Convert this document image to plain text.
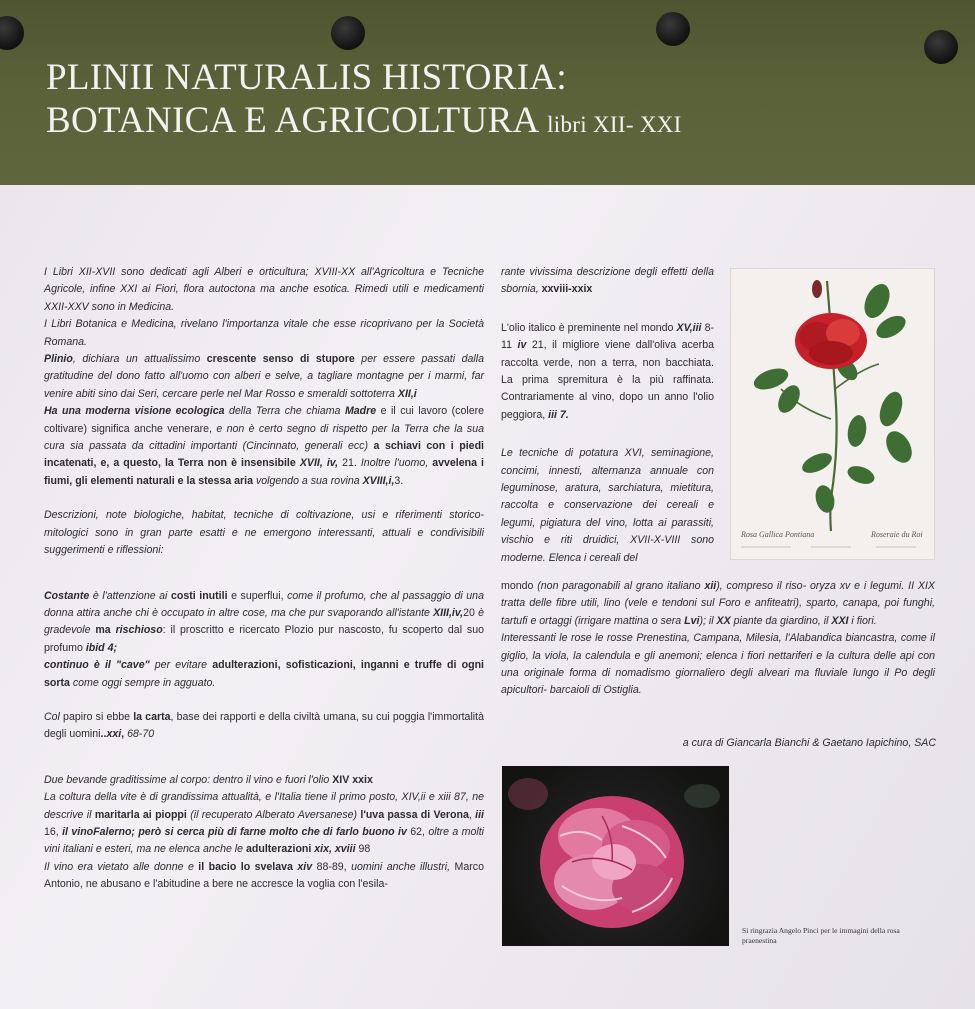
PLINII NATURALIS HISTORIA:
BOTANICA E AGRICOLTURA libri XII- XXI

I Libri XII-XVII sono dedicati agli Alberi e orticultura; XVIII-XX all'Agricoltura e Tecniche Agricole, infine XXI ai Fiori, flora autoctona ma anche esotica. Rimedi utili e medicamenti XXII-XXV sono in Medicina.

I Libri Botanica e Medicina, rivelano l'importanza vitale che esse ricoprivano per la Società Romana.

Plinio, dichiara un attualissimo crescente senso di stupore per essere passati dalla gratitudine del dono fatto all'uomo con alberi e selve, a tagliare montagne per i marmi, far venire abiti sino dai Seri, cercare perle nel Mar Rosso e smeraldi sottoterra XII,i

Ha una moderna visione ecologica della Terra che chiama Madre e il cui lavoro (colere coltivare) significa anche venerare, e non è certo segno di rispetto per la Terra che la sua cura sia passata da cittadini importanti (Cincinnato, generali ecc) a schiavi con i piedi incatenati, e, a questo, la Terra non è insensibile XVII, iv, 21. Inoltre l'uomo, avvelena i fiumi, gli elementi naturali e la stessa aria volgendo a sua rovina XVIII,i,3.

Descrizioni, note biologiche, habitat, tecniche di coltivazione, usi e riferimenti storico-mitologici sono in gran parte esatti e ne emergono interessanti, attuali e condivisibili suggerimenti e riflessioni:

Costante è l'attenzione ai costi inutili e superflui, come il profumo, che al passaggio di una donna attira anche chi è occupato in altre cose, ma che pur svaporando all'istante XIII,iv,20 è gradevole ma rischioso: il proscritto e ricercato Plozio pur nascosto, fu scoperto dal suo profumo ibid 4;

continuo è il "cave" per evitare adulterazioni, sofisticazioni, inganni e truffe di ogni sorta come oggi sempre in agguato.

Col papiro si ebbe la carta, base dei rapporti e della civiltà umana, su cui poggia l'immortalità degli uomini..xxi, 68-70

Due bevande graditissime al corpo: dentro il vino e fuori l'olio XIV xxix

La coltura della vite è di grandissima attualità, e l'Italia tiene il primo posto, XIV,ii e xiii 87, ne descrive il maritarla ai pioppi (il recuperato Alberato Aversanese) l'uva passa di Verona, iii 16, il vinoFalerno; però si cerca più di farne molto che di farlo buono iv 62, oltre a molti vini italiani e esteri, ma ne elenca anche le adulterazioni xix, xviii 98

Il vino era vietato alle donne e il bacio lo svelava xiv 88-89, uomini anche illustri, Marco Antonio, ne abusano e l'abitudine a bere ne accresce la voglia con l'esila-

rante vivissima descrizione degli effetti della sbornia, xxviii-xxix

L'olio italico è preminente nel mondo XV,iii 8-11 iv 21, il migliore viene dall'oliva acerba raccolta verde, non a terra, non bacchiata. La prima spremitura è la più raffinata. Contrariamente al vino, dopo un anno l'olio peggiora, iii 7.

Le tecniche di potatura XVI, seminagione, concimi, innesti, alternanza annuale con leguminose, aratura, sarchiatura, mietitura, raccolta e conservazione dei cereali e legumi, pigiatura del vino, lotta ai parassiti, vischio e riti druidici, XVII-X-VIII sono moderne. Elenca i cereali del

mondo (non paragonabili al grano italiano xii), compreso il riso- oryza xv e i legumi. II XIX tratta delle fibre utili, lino (vele e tendoni sul Foro e anfiteatri), sparto, canapa, poi funghi, tartufi e ortaggi (irrigare mattina o sera Lvi); il XX piante da giardino, il XXI i fiori.

Interessanti le rose le rosse Prenestina, Campana, Milesia, l'Alabandica biancastra, come il giglio, la viola, la calendula e gli anemoni; elenca i fiori nettariferi e la cultura delle api con una originale forma di nomadismo giornaliero degli alveari ma fluviale lungo il Po degli apicultori- barcaioli di Ostiglia.

a cura di Giancarla Bianchi & Gaetano Iapichino, SAC
Rosa Gallica Pontiana	Roseraie du Roi
Si ringrazia Angelo Pinci per le immagini della rosa praenestina
